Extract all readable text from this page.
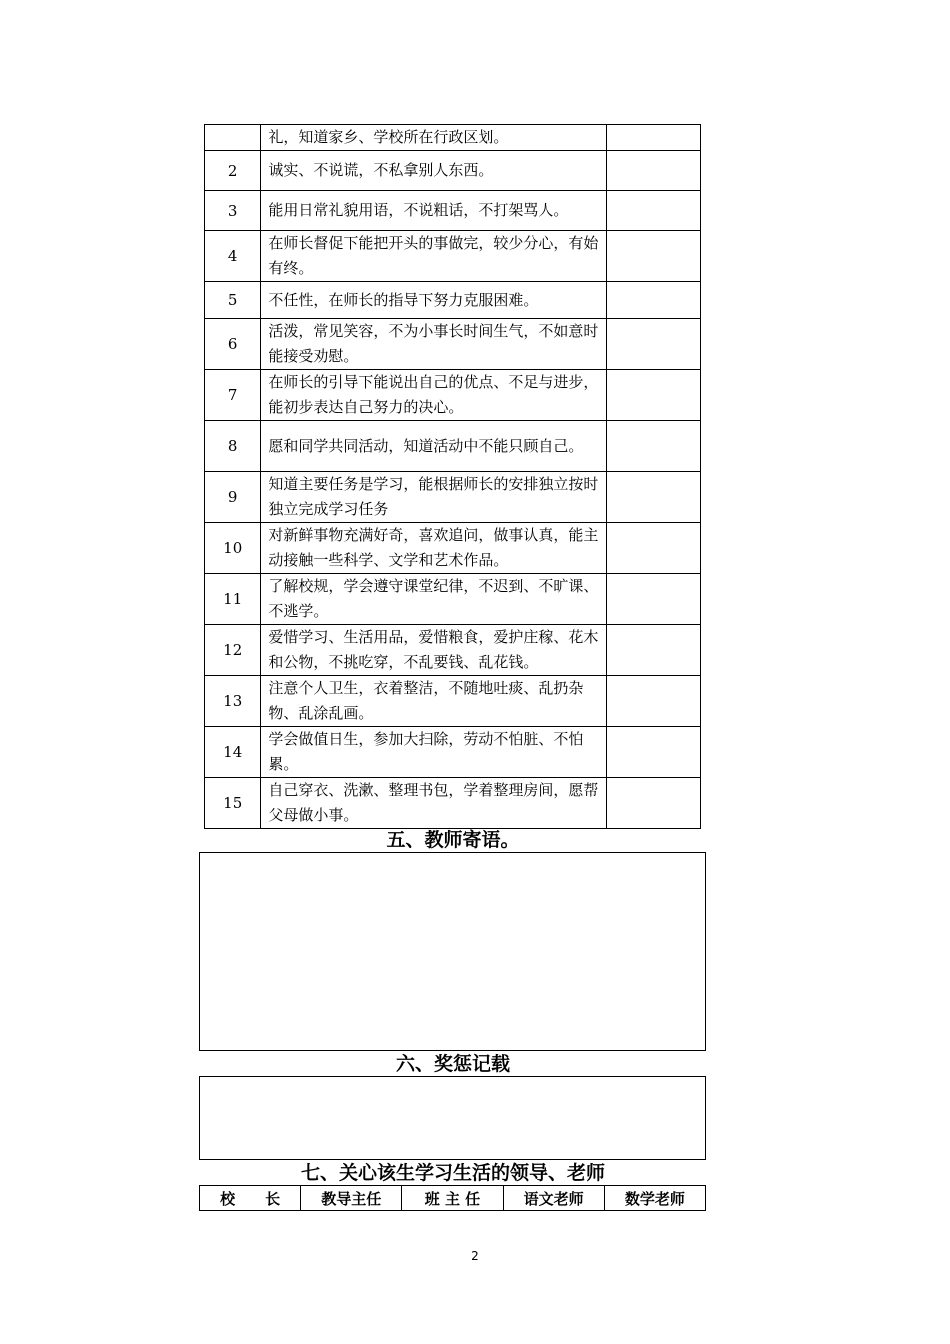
	礼，知道家乡、学校所在行政区划。	
2	诚实、不说谎，不私拿别人东西。	
3	能用日常礼貌用语，不说粗话，不打架骂人。	
4	在师长督促下能把开头的事做完，较少分心，有始有终。	
5	不任性，在师长的指导下努力克服困难。	
6	活泼，常见笑容，不为小事长时间生气，不如意时能接受劝慰。	
7	在师长的引导下能说出自己的优点、不足与进步，能初步表达自己努力的决心。	
8	愿和同学共同活动，知道活动中不能只顾自己。	
9	知道主要任务是学习，能根据师长的安排独立按时独立完成学习任务	
10	对新鲜事物充满好奇，喜欢追问，做事认真，能主动接触一些科学、文学和艺术作品。	
11	了解校规，学会遵守课堂纪律，不迟到、不旷课、不逃学。	
12	爱惜学习、生活用品，爱惜粮食，爱护庄稼、花木和公物，不挑吃穿，不乱要钱、乱花钱。	
13	注意个人卫生，衣着整洁，不随地吐痰、乱扔杂物、乱涂乱画。	
14	学会做值日生，参加大扫除，劳动不怕脏、不怕累。	
15	自己穿衣、洗漱、整理书包，学着整理房间，愿帮父母做小事。	
五、教师寄语。
六、奖惩记载
七、关心该生学习生活的领导、老师
校　　长	教导主任	班 主 任	语文老师	数学老师
2
